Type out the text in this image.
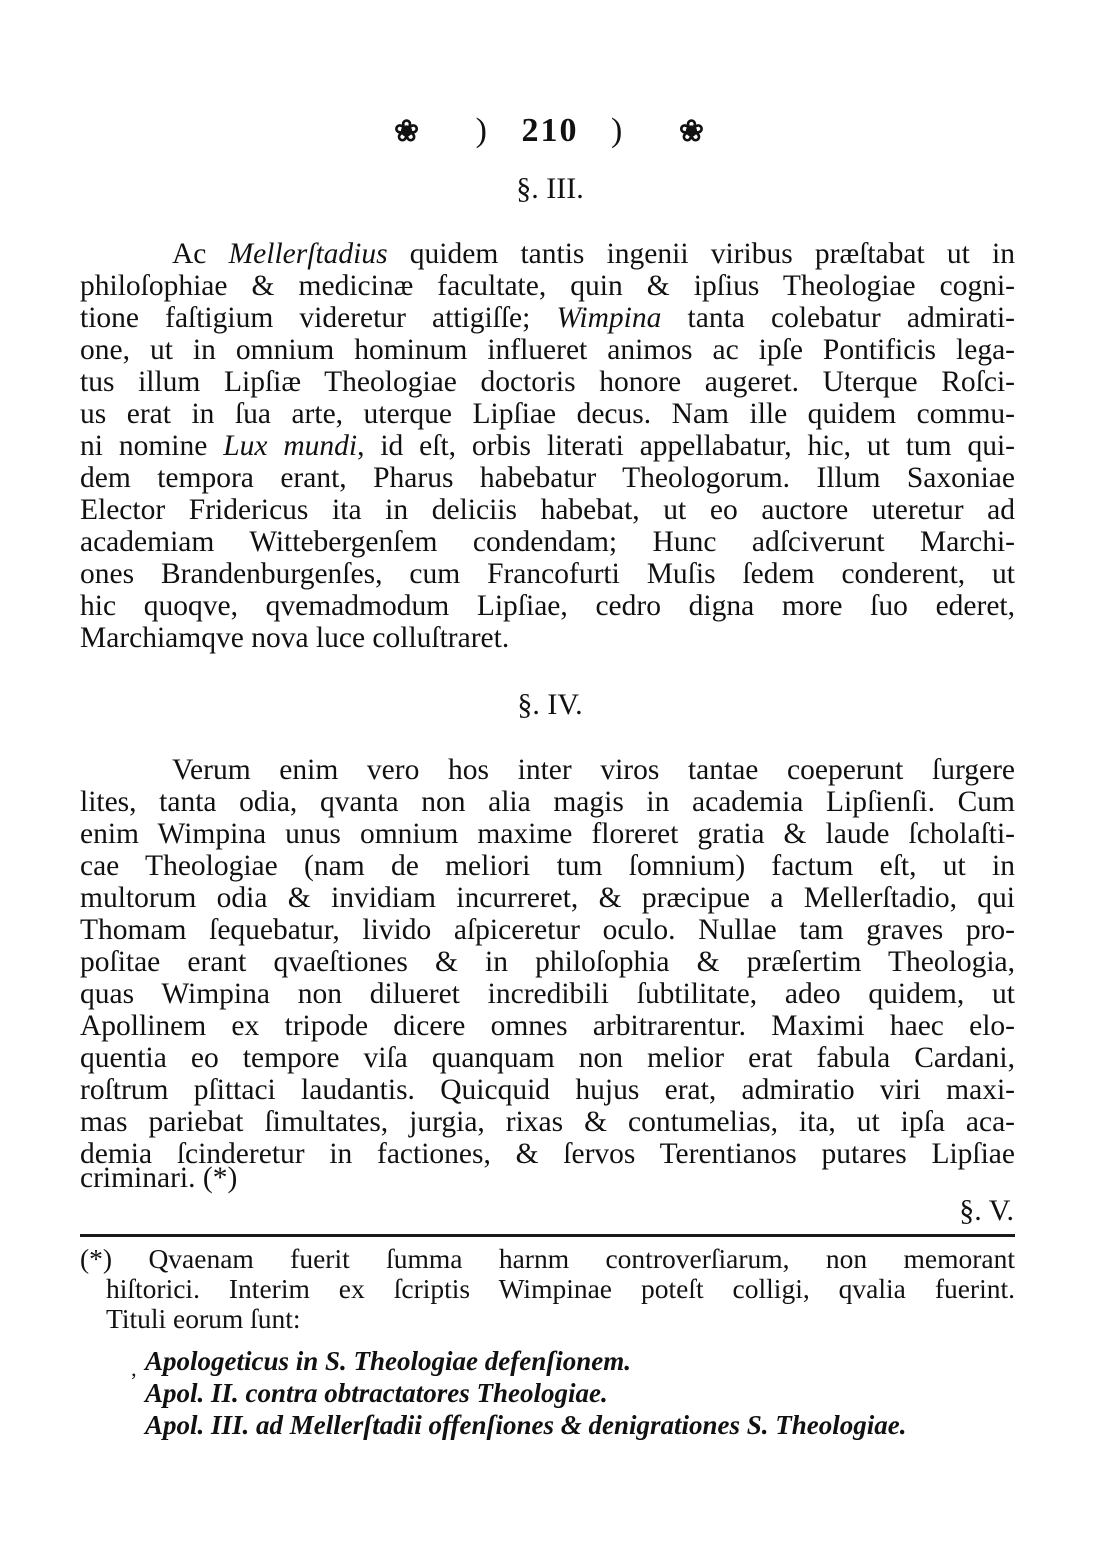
❀ ) 210 ) ❀
§. III.
Ac Mellerſtadius quidem tantis ingenii viribus præſtabat ut in
philoſophiae & medicinæ facultate, quin & ipſius Theologiae cogni-
tione faſtigium videretur attigiſſe; Wimpina tanta colebatur admirati-
one, ut in omnium hominum influeret animos ac ipſe Pontificis lega-
tus illum Lipſiæ Theologiae doctoris honore augeret. Uterque Roſci-
us erat in ſua arte, uterque Lipſiae decus. Nam ille quidem commu-
ni nomine Lux mundi, id eſt, orbis literati appellabatur, hic, ut tum qui-
dem tempora erant, Pharus habebatur Theologorum. Illum Saxoniae
Elector Fridericus ita in deliciis habebat, ut eo auctore uteretur ad
academiam Wittebergenſem condendam; Hunc adſciverunt Marchi-
ones Brandenburgenſes, cum Francofurti Muſis ſedem conderent, ut
hic quoqve, qvemadmodum Lipſiae, cedro digna more ſuo ederet,
Marchiamqve nova luce colluſtraret.
§. IV.
Verum enim vero hos inter viros tantae coeperunt ſurgere
lites, tanta odia, qvanta non alia magis in academia Lipſienſi. Cum
enim Wimpina unus omnium maxime floreret gratia & laude ſcholaſti-
cae Theologiae (nam de meliori tum ſomnium) factum eſt, ut in
multorum odia & invidiam incurreret, & præcipue a Mellerſtadio, qui
Thomam ſequebatur, livido aſpiceretur oculo. Nullae tam graves pro-
poſitae erant qvaeſtiones & in philoſophia & præſertim Theologia,
quas Wimpina non dilueret incredibili ſubtilitate, adeo quidem, ut
Apollinem ex tripode dicere omnes arbitrarentur. Maximi haec elo-
quentia eo tempore viſa quanquam non melior erat fabula Cardani,
roſtrum pſittaci laudantis. Quicquid hujus erat, admiratio viri maxi-
mas pariebat ſimultates, jurgia, rixas & contumelias, ita, ut ipſa aca-
demia ſcinderetur in factiones, & ſervos Terentianos putares Lipſiae
criminari. (*)
§. V.
(*) Qvaenam fuerit ſumma harnm controverſiarum, non memorant
hiſtorici. Interim ex ſcriptis Wimpinae poteſt colligi, qvalia fuerint.
Tituli eorum ſunt:
‚ Apologeticus in S. Theologiae defenſionem.
Apol. II. contra obtractatores Theologiae.
Apol. III. ad Mellerſtadii offenſiones & denigrationes S. Theologiae.
